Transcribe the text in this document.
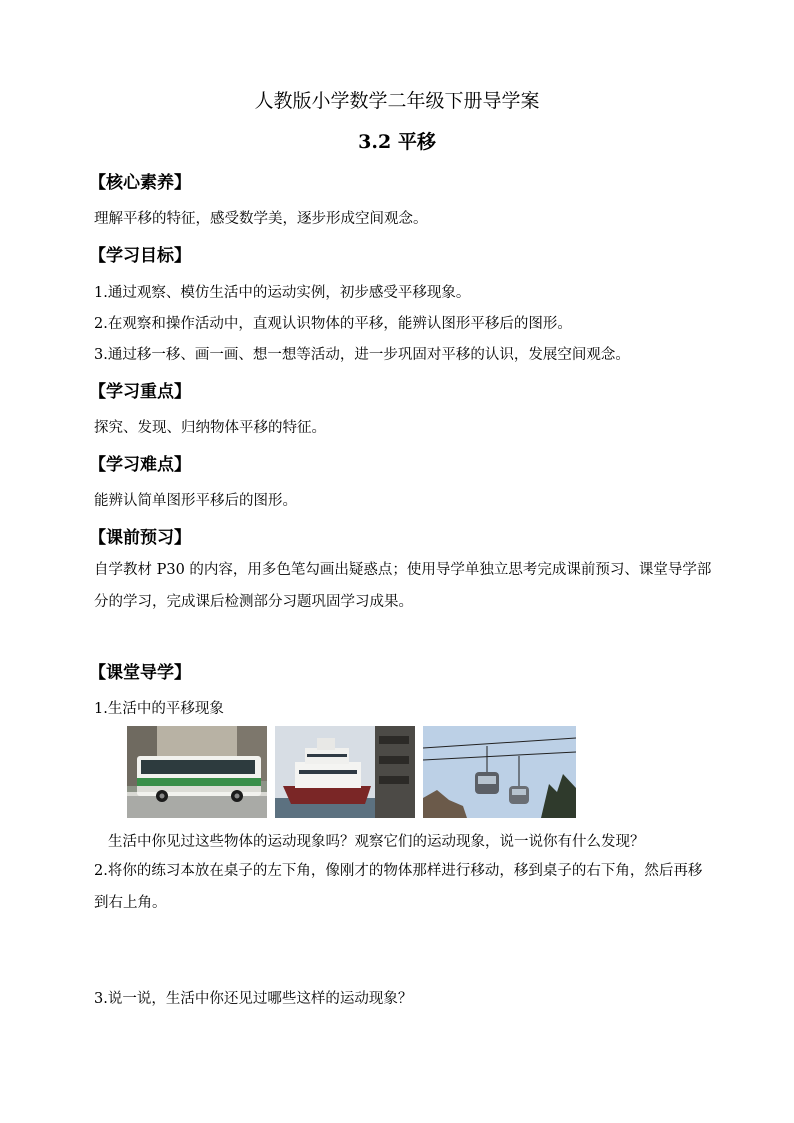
人教版小学数学二年级下册导学案
3.2 平移
【核心素养】
理解平移的特征，感受数学美，逐步形成空间观念。
【学习目标】
1.通过观察、模仿生活中的运动实例，初步感受平移现象。
2.在观察和操作活动中，直观认识物体的平移，能辨认图形平移后的图形。
3.通过移一移、画一画、想一想等活动，进一步巩固对平移的认识，发展空间观念。
【学习重点】
探究、发现、归纳物体平移的特征。
【学习难点】
能辨认简单图形平移后的图形。
【课前预习】
自学教材 P30 的内容，用多色笔勾画出疑惑点；使用导学单独立思考完成课前预习、课堂导学部分的学习，完成课后检测部分习题巩固学习成果。
【课堂导学】
1.生活中的平移现象
生活中你见过这些物体的运动现象吗？观察它们的运动现象，说一说你有什么发现？
2.将你的练习本放在桌子的左下角，像刚才的物体那样进行移动，移到桌子的右下角，然后再移到右上角。
3.说一说，生活中你还见过哪些这样的运动现象？
